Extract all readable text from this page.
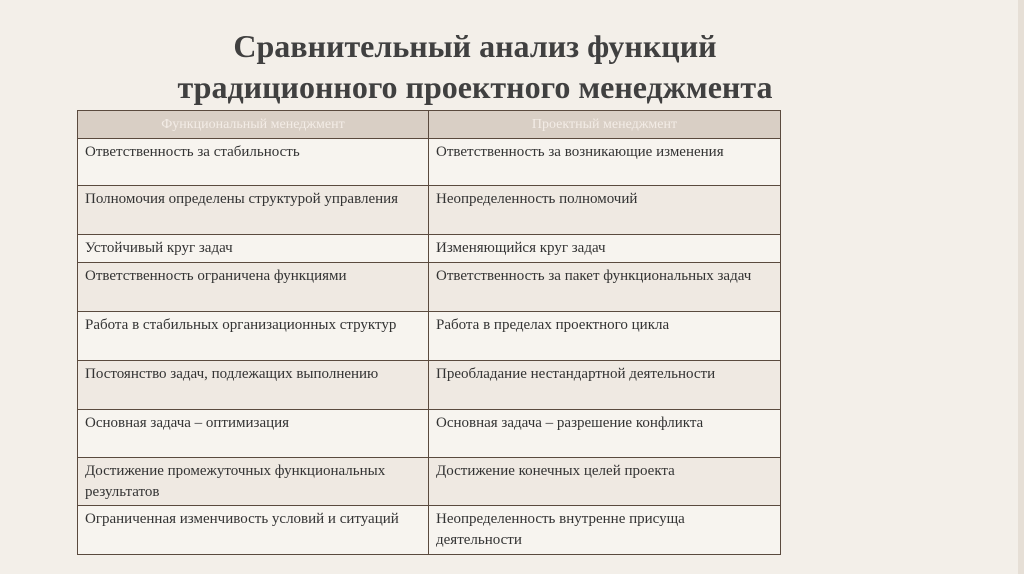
Сравнительный анализ функций
традиционного проектного менеджмента
Функциональный менеджмент	Проектный менеджмент
Ответственность за стабильность	Ответственность за возникающие изменения
Полномочия определены структурой управления	Неопределенность полномочий
Устойчивый круг задач	Изменяющийся круг задач
Ответственность ограничена функциями	Ответственность за пакет функциональных задач
Работа в стабильных организационных структур	Работа в пределах проектного цикла
Постоянство задач, подлежащих выполнению	Преобладание нестандартной деятельности
Основная задача – оптимизация	Основная задача – разрешение конфликта
Достижение промежуточных функциональных результатов	Достижение конечных целей проекта
Ограниченная изменчивость условий и ситуаций	Неопределенность внутренне присуща деятельности
